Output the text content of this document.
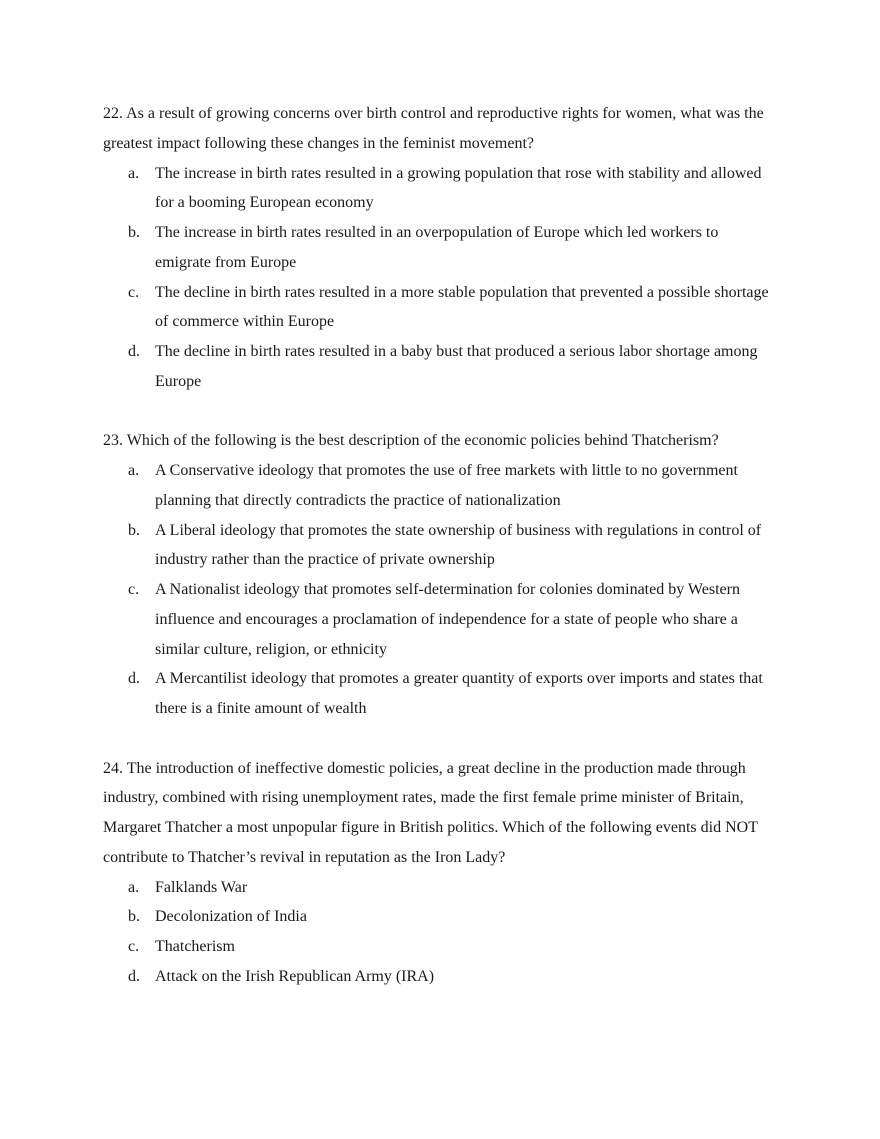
22. As a result of growing concerns over birth control and reproductive rights for women, what was the greatest impact following these changes in the feminist movement?

a. The increase in birth rates resulted in a growing population that rose with stability and allowed for a booming European economy
b. The increase in birth rates resulted in an overpopulation of Europe which led workers to emigrate from Europe
c. The decline in birth rates resulted in a more stable population that prevented a possible shortage of commerce within Europe
d. The decline in birth rates resulted in a baby bust that produced a serious labor shortage among Europe

23. Which of the following is the best description of the economic policies behind Thatcherism?

a. A Conservative ideology that promotes the use of free markets with little to no government planning that directly contradicts the practice of nationalization
b. A Liberal ideology that promotes the state ownership of business with regulations in control of industry rather than the practice of private ownership
c. A Nationalist ideology that promotes self-determination for colonies dominated by Western influence and encourages a proclamation of independence for a state of people who share a similar culture, religion, or ethnicity
d. A Mercantilist ideology that promotes a greater quantity of exports over imports and states that there is a finite amount of wealth

24. The introduction of ineffective domestic policies, a great decline in the production made through industry, combined with rising unemployment rates, made the first female prime minister of Britain, Margaret Thatcher a most unpopular figure in British politics. Which of the following events did NOT contribute to Thatcher’s revival in reputation as the Iron Lady?

a. Falklands War
b. Decolonization of India
c. Thatcherism
d. Attack on the Irish Republican Army (IRA)
